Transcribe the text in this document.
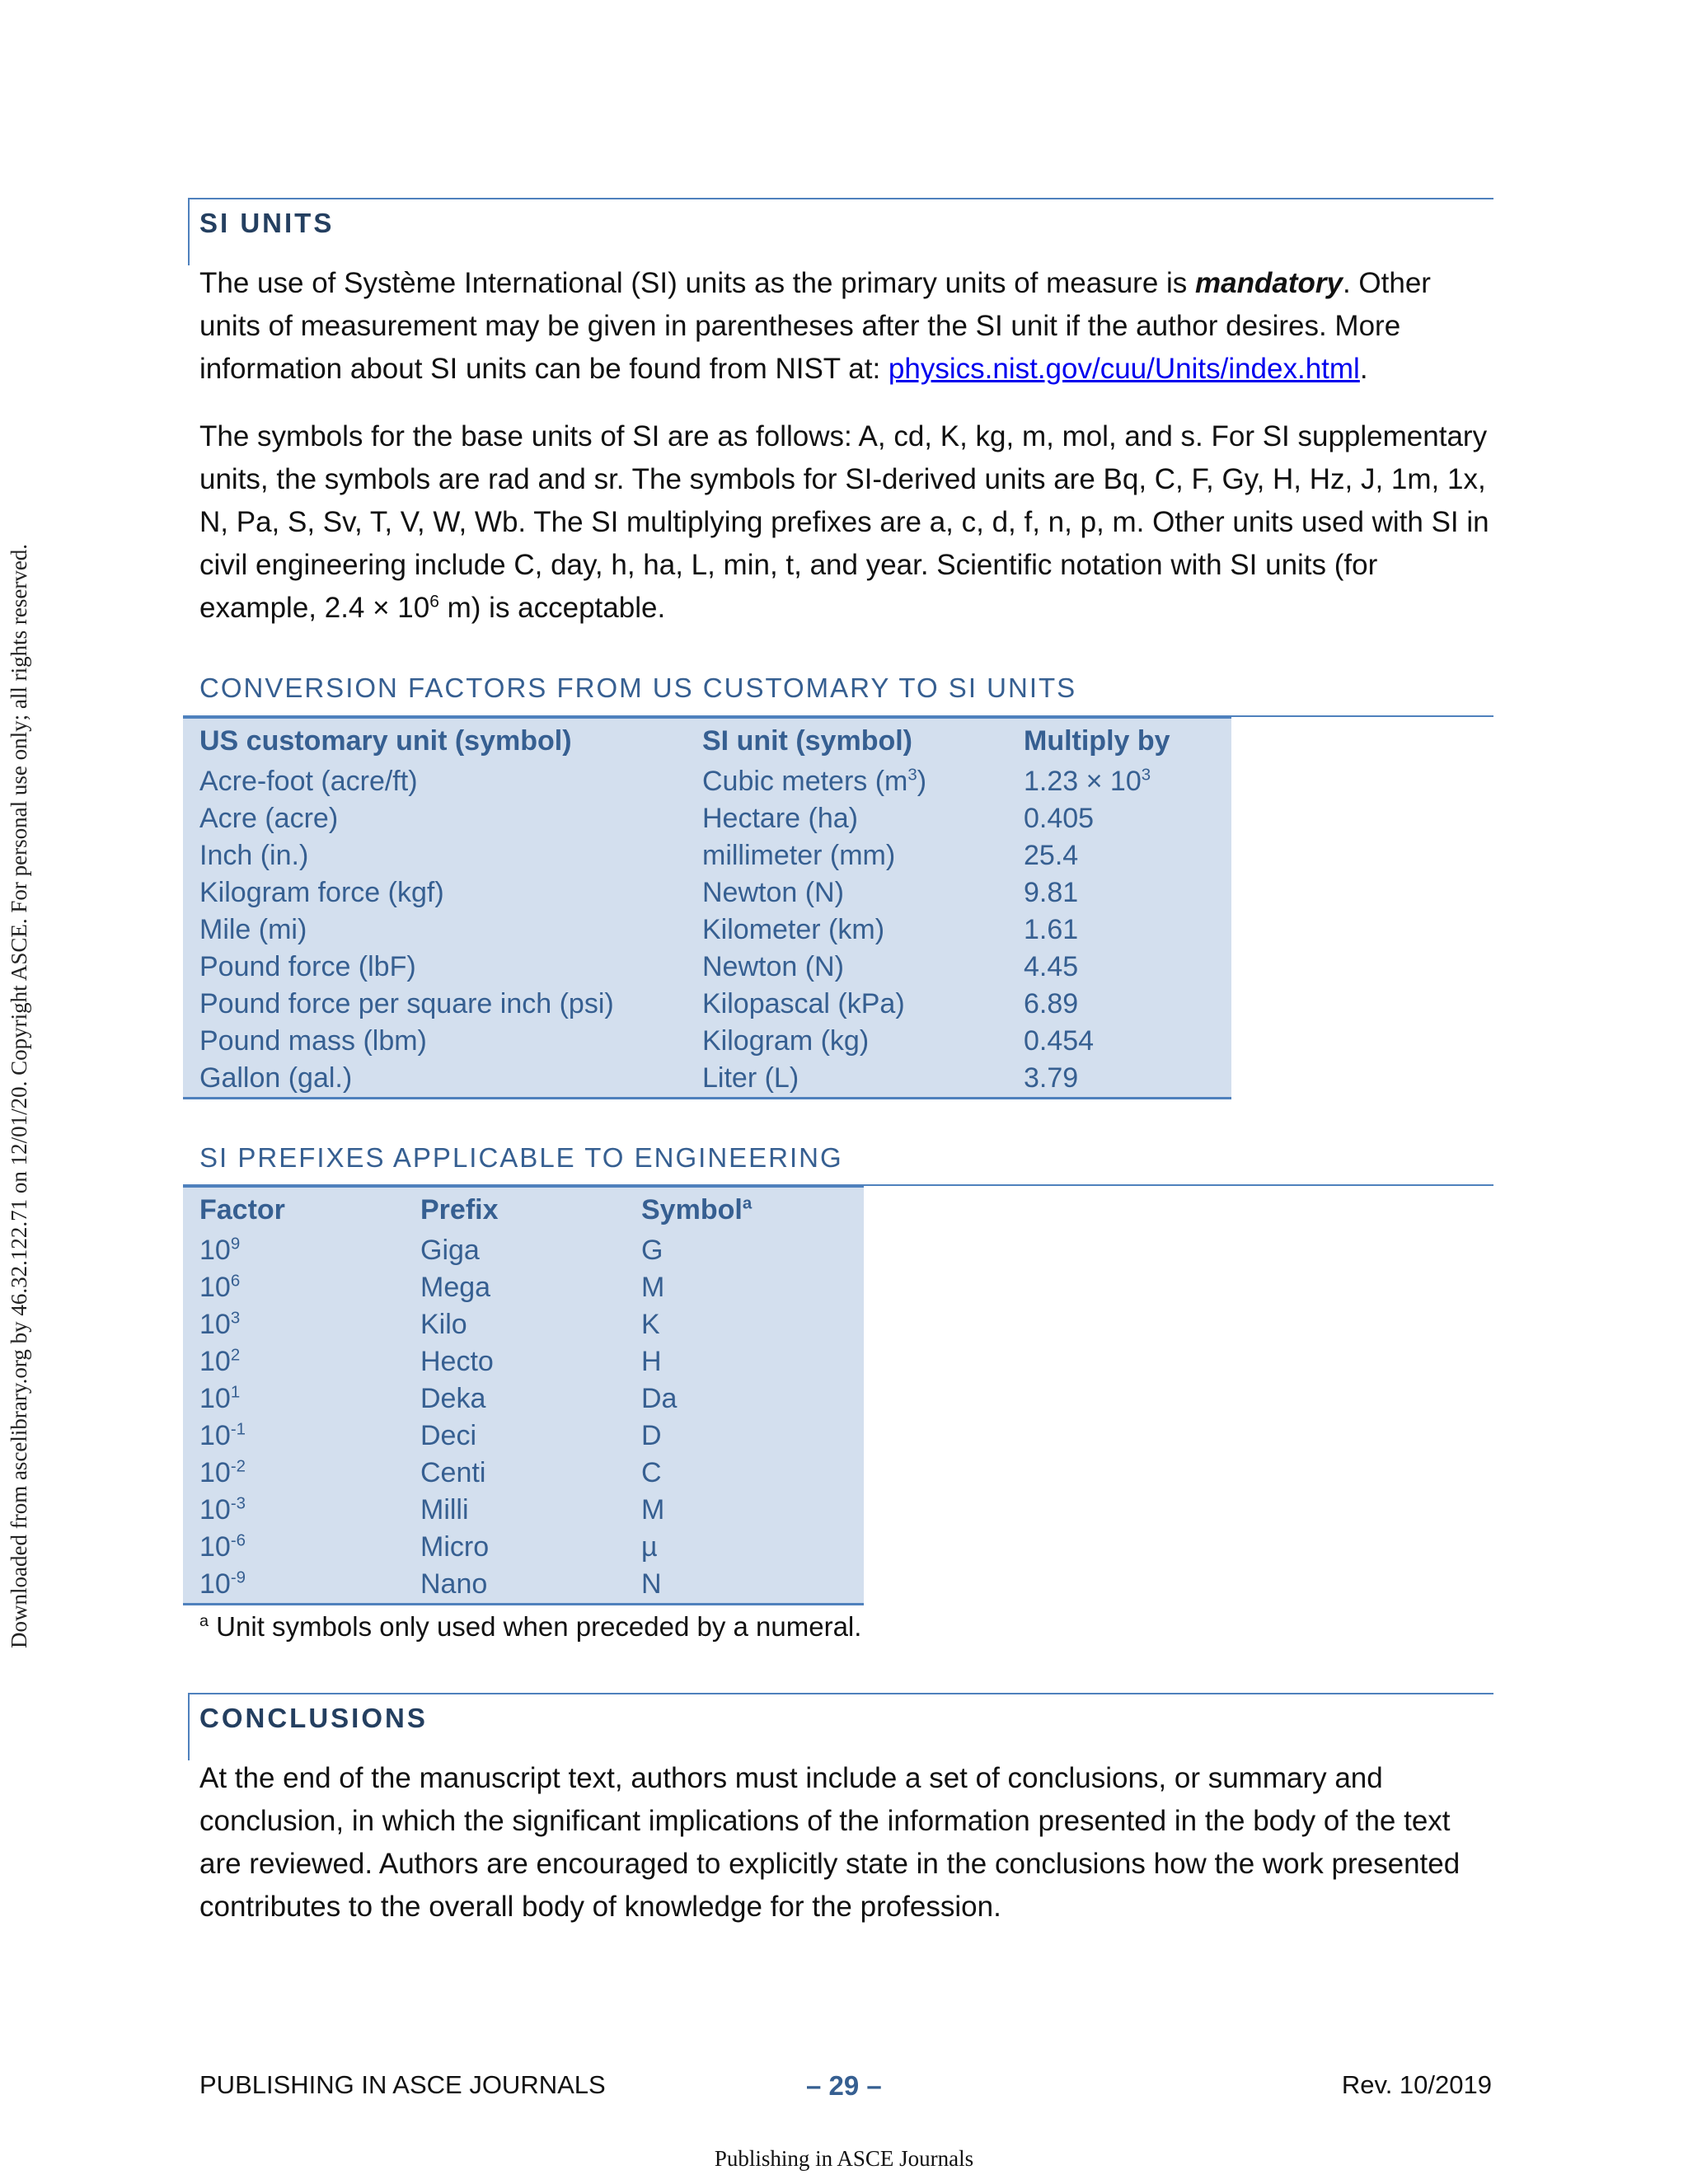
Downloaded from ascelibrary.org by 46.32.122.71 on 12/01/20. Copyright ASCE. For personal use only; all rights reserved.
SI UNITS
The use of Système International (SI) units as the primary units of measure is mandatory. Other units of measurement may be given in parentheses after the SI unit if the author desires. More information about SI units can be found from NIST at: physics.nist.gov/cuu/Units/index.html.
The symbols for the base units of SI are as follows: A, cd, K, kg, m, mol, and s. For SI supplementary units, the symbols are rad and sr. The symbols for SI-derived units are Bq, C, F, Gy, H, Hz, J, 1m, 1x, N, Pa, S, Sv, T, V, W, Wb. The SI multiplying prefixes are a, c, d, f, n, p, m. Other units used with SI in civil engineering include C, day, h, ha, L, min, t, and year. Scientific notation with SI units (for example, $2.4 \times 10^6$ m) is acceptable.
CONVERSION FACTORS FROM US CUSTOMARY TO SI UNITS
US customary unit (symbol)	SI unit (symbol)	Multiply by
Acre-foot (acre/ft)	Cubic meters $(m^3)$	$1.23 \times 10^3$
Acre (acre)	Hectare (ha)	0.405
Inch (in.)	millimeter (mm)	25.4
Kilogram force (kgf)	Newton (N)	9.81
Mile (mi)	Kilometer (km)	1.61
Pound force (lbF)	Newton (N)	4.45
Pound force per square inch (psi)	Kilopascal (kPa)	6.89
Pound mass (lbm)	Kilogram (kg)	0.454
Gallon (gal.)	Liter (L)	3.79
SI PREFIXES APPLICABLE TO ENGINEERING
Factor	Prefix	Symbol$^a$
$10^9$	Giga	G
$10^6$	Mega	M
$10^3$	Kilo	K
$10^2$	Hecto	H
$10^1$	Deka	Da
$10^{-1}$	Deci	D
$10^{-2}$	Centi	C
$10^{-3}$	Milli	M
$10^{-6}$	Micro	µ
$10^{-9}$	Nano	N
$^a$ Unit symbols only used when preceded by a numeral.
CONCLUSIONS
At the end of the manuscript text, authors must include a set of conclusions, or summary and conclusion, in which the significant implications of the information presented in the body of the text are reviewed. Authors are encouraged to explicitly state in the conclusions how the work presented contributes to the overall body of knowledge for the profession.
PUBLISHING IN ASCE JOURNALS	– 29 –	Rev. 10/2019
Publishing in ASCE Journals
